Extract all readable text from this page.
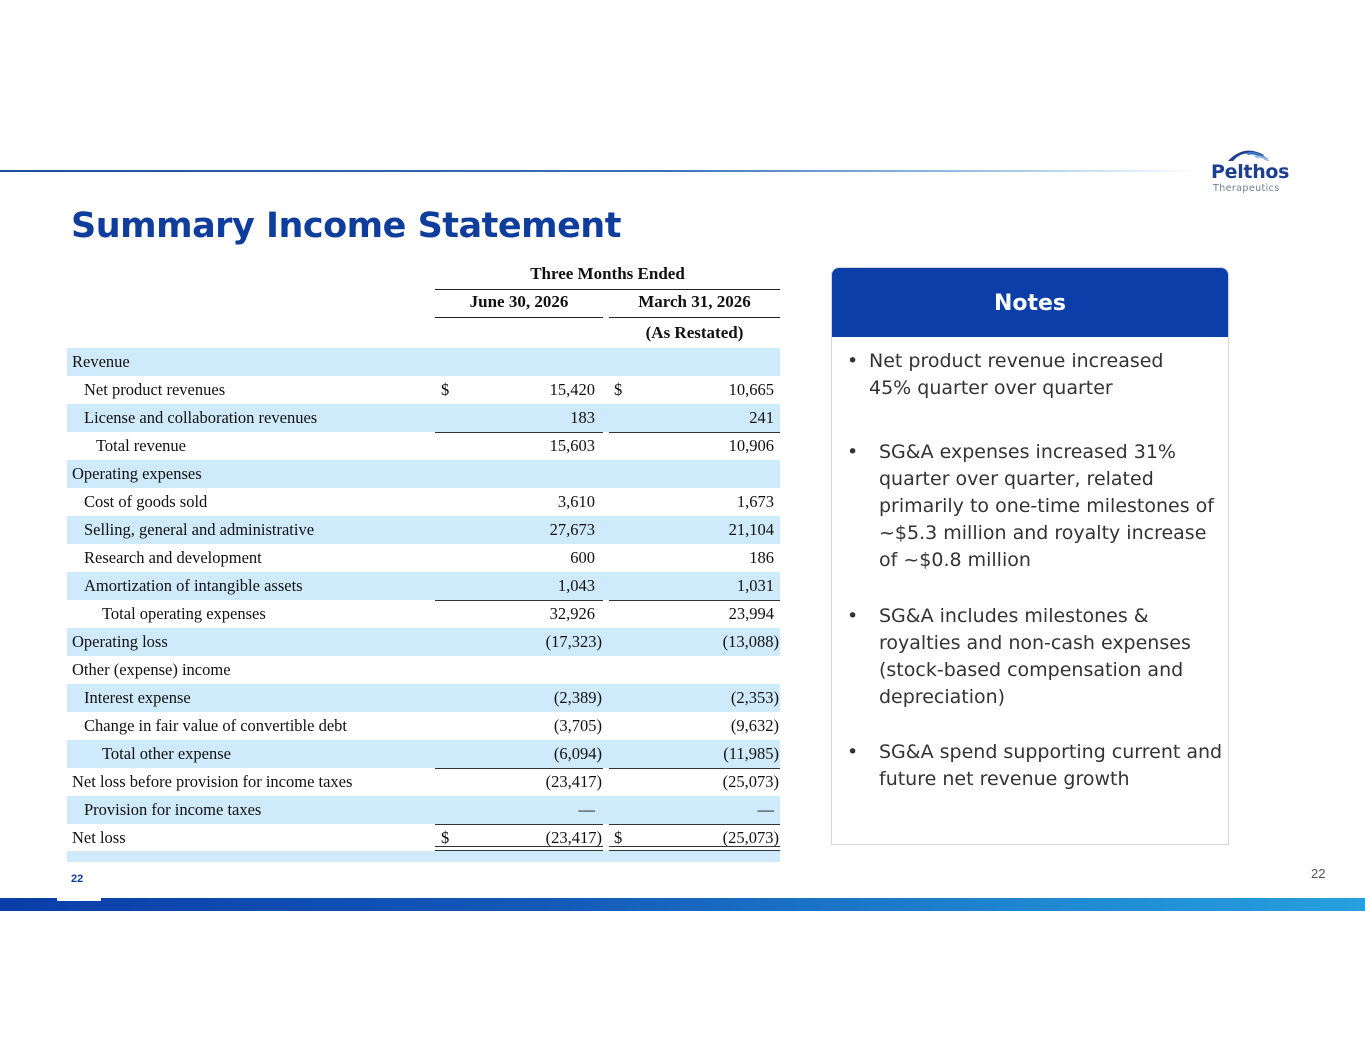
Pelthos
Therapeutics
Summary Income Statement
Three Months Ended
June 30, 2026	March 31, 2026
(As Restated)
Revenue
Net product revenues	$	15,420 $	10,665
License and collaboration revenues	183	241
Total revenue	15,603	10,906
Operating expenses
Cost of goods sold	3,610	1,673
Selling, general and administrative	27,673	21,104
Research and development	600	186
Amortization of intangible assets	1,043	1,031
Total operating expenses	32,926	23,994
Operating loss	(17,323)	(13,088)
Other (expense) income
Interest expense	(2,389)	(2,353)
Change in fair value of convertible debt	(3,705)	(9,632)
Total other expense	(6,094)	(11,985)
Net loss before provision for income taxes	(23,417)	(25,073)
Provision for income taxes	—	—
Net loss	$	(23,417) $	(25,073)
Notes
• Net product revenue increased 45% quarter over quarter
• SG&A expenses increased 31% quarter over quarter, related primarily to one-time milestones of ~$5.3 million and royalty increase of ~$0.8 million
• SG&A includes milestones & royalties and non-cash expenses (stock-based compensation and depreciation)
• SG&A spend supporting current and future net revenue growth
22	22
